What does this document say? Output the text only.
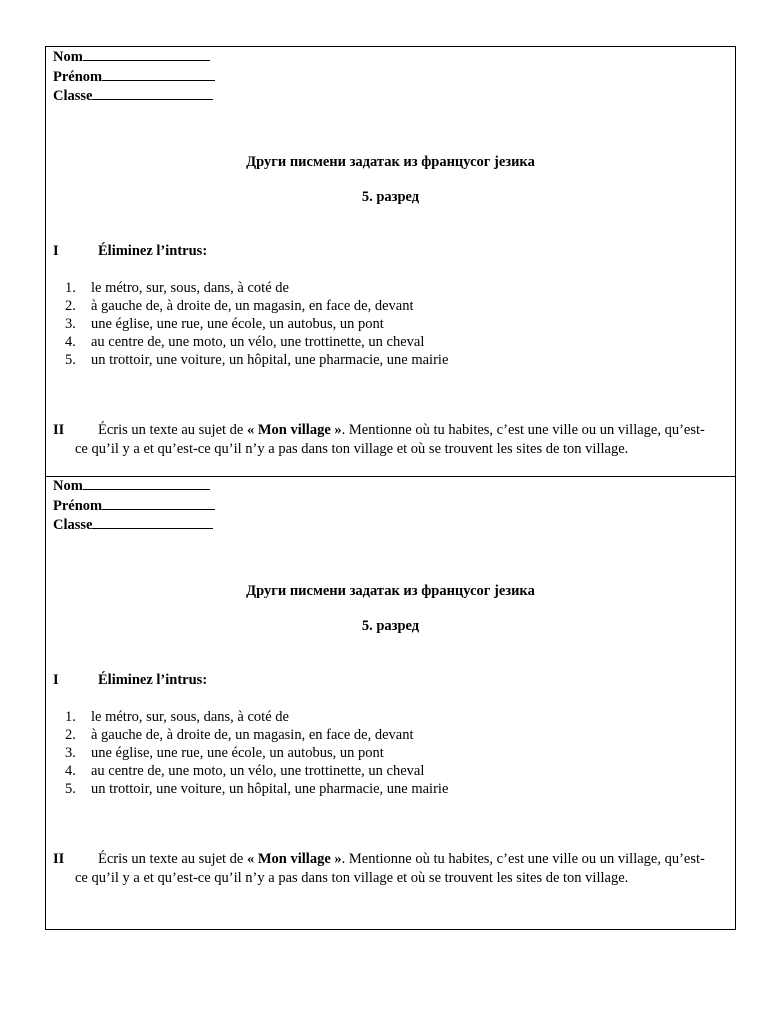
Nom
Prénom
Classe
Други писмени задатак из францусог језика
5. разред
I	Éliminez l’intrus:
1. le métro, sur, sous, dans, à coté de
2. à gauche de, à droite de, un magasin, en face de, devant
3. une église, une rue, une école, un autobus, un pont
4. au centre de, une moto, un vélo, une trottinette, un cheval
5. un trottoir, une voiture, un hôpital, une pharmacie, une mairie
II Écris un texte au sujet de « Mon village ». Mentionne où tu habites, c’est une ville ou un village, qu’est-
ce qu’il y a et qu’est-ce qu’il n’y a pas dans ton village et où se trouvent les sites de ton village.
Nom
Prénom
Classe
Други писмени задатак из францусог језика
5. разред
I	Éliminez l’intrus:
1. le métro, sur, sous, dans, à coté de
2. à gauche de, à droite de, un magasin, en face de, devant
3. une église, une rue, une école, un autobus, un pont
4. au centre de, une moto, un vélo, une trottinette, un cheval
5. un trottoir, une voiture, un hôpital, une pharmacie, une mairie
II Écris un texte au sujet de « Mon village ». Mentionne où tu habites, c’est une ville ou un village, qu’est-
ce qu’il y a et qu’est-ce qu’il n’y a pas dans ton village et où se trouvent les sites de ton village.
